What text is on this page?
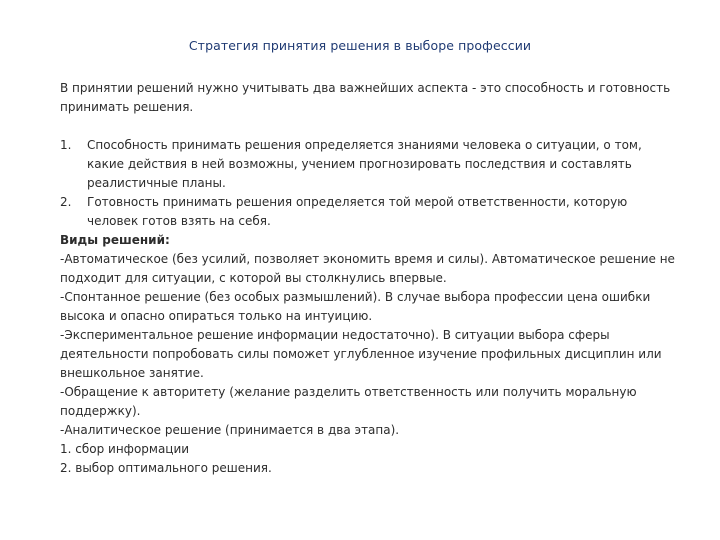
Стратегия принятия решения в выборе профессии

В принятии решений нужно учитывать два важнейших аспекта - это способность и готовность принимать решения.

1. Способность принимать решения определяется знаниями человека о ситуации, о том, какие действия в ней возможны, учением прогнозировать последствия и составлять реалистичные планы.
2. Готовность принимать решения определяется той мерой ответственности, которую человек готов взять на себя.

Виды решений:

-Автоматическое (без усилий, позволяет экономить время и силы). Автоматическое решение не подходит для ситуации, с которой вы столкнулись впервые.

-Спонтанное решение (без особых размышлений). В случае выбора профессии цена ошибки высока и опасно опираться только на интуицию.

-Экспериментальное решение информации недостаточно). В ситуации выбора сферы деятельности попробовать силы поможет углубленное изучение профильных дисциплин или внешкольное занятие.

-Обращение к авторитету (желание разделить ответственность или получить моральную поддержку).

-Аналитическое решение (принимается в два этапа).

1. сбор информации

2. выбор оптимального решения.
